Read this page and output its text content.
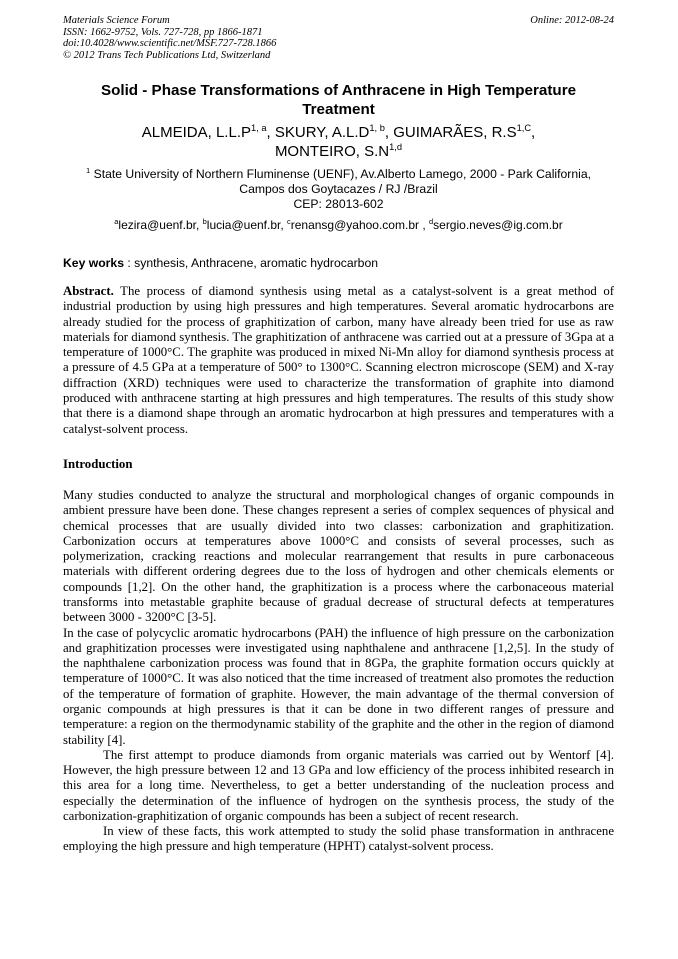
Materials Science Forum
ISSN: 1662-9752, Vols. 727-728, pp 1866-1871
doi:10.4028/www.scientific.net/MSF.727-728.1866
© 2012 Trans Tech Publications Ltd, Switzerland
Online: 2012-08-24
Solid - Phase Transformations of Anthracene in High Temperature Treatment
ALMEIDA, $L.L.P^{1, a}$, SKURY, $A.L.D^{1, b}$, GUIMARÃES, $R.S^{1,C}$,
MONTEIRO, $S.N^{1,d}$
$^1$ State University of Northern Fluminense (UENF), Av.Alberto Lamego, 2000 - Park California, Campos dos Goytacazes / RJ /Brazil
CEP: 28013-602
$^a$lezira@uenf.br, $^b$lucia@uenf.br, $^c$renansg@yahoo.com.br , $^d$sergio.neves@ig.com.br
Key works : synthesis, Anthracene, aromatic hydrocarbon
Abstract. The process of diamond synthesis using metal as a catalyst-solvent is a great method of industrial production by using high pressures and high temperatures. Several aromatic hydrocarbons are already studied for the process of graphitization of carbon, many have already been tried for use as raw materials for diamond synthesis. The graphitization of anthracene was carried out at a pressure of 3Gpa at a temperature of 1000°C. The graphite was produced in mixed Ni-Mn alloy for diamond synthesis process at a pressure of 4.5 GPa at a temperature of 500° to 1300°C. Scanning electron microscope (SEM) and X-ray diffraction (XRD) techniques were used to characterize the transformation of graphite into diamond produced with anthracene starting at high pressures and high temperatures. The results of this study show that there is a diamond shape through an aromatic hydrocarbon at high pressures and temperatures with a catalyst-solvent process.
Introduction

Many studies conducted to analyze the structural and morphological changes of organic compounds in ambient pressure have been done. These changes represent a series of complex sequences of physical and chemical processes that are usually divided into two classes: carbonization and graphitization. Carbonization occurs at temperatures above 1000°C and consists of several processes, such as polymerization, cracking reactions and molecular rearrangement that results in pure carbonaceous materials with different ordering degrees due to the loss of hydrogen and other chemicals elements or compounds [1,2]. On the other hand, the graphitization is a process where the carbonaceous material transforms into metastable graphite because of gradual decrease of structural defects at temperatures between 3000 - 3200°C [3-5].

In the case of polycyclic aromatic hydrocarbons (PAH) the influence of high pressure on the carbonization and graphitization processes were investigated using naphthalene and anthracene [1,2,5]. In the study of the naphthalene carbonization process was found that in 8GPa, the graphite formation occurs quickly at temperature of 1000°C. It was also noticed that the time increased of treatment also promotes the reduction of the temperature of formation of graphite. However, the main advantage of the thermal conversion of organic compounds at high pressures is that it can be done in two different ranges of pressure and temperature: a region on the thermodynamic stability of the graphite and the other in the region of diamond stability [4].

The first attempt to produce diamonds from organic materials was carried out by Wentorf [4]. However, the high pressure between 12 and 13 GPa and low efficiency of the process inhibited research in this area for a long time. Nevertheless, to get a better understanding of the nucleation process and especially the determination of the influence of hydrogen on the synthesis process, the study of the carbonization-graphitization of organic compounds has been a subject of recent research.

In view of these facts, this work attempted to study the solid phase transformation in anthracene employing the high pressure and high temperature (HPHT) catalyst-solvent process.
